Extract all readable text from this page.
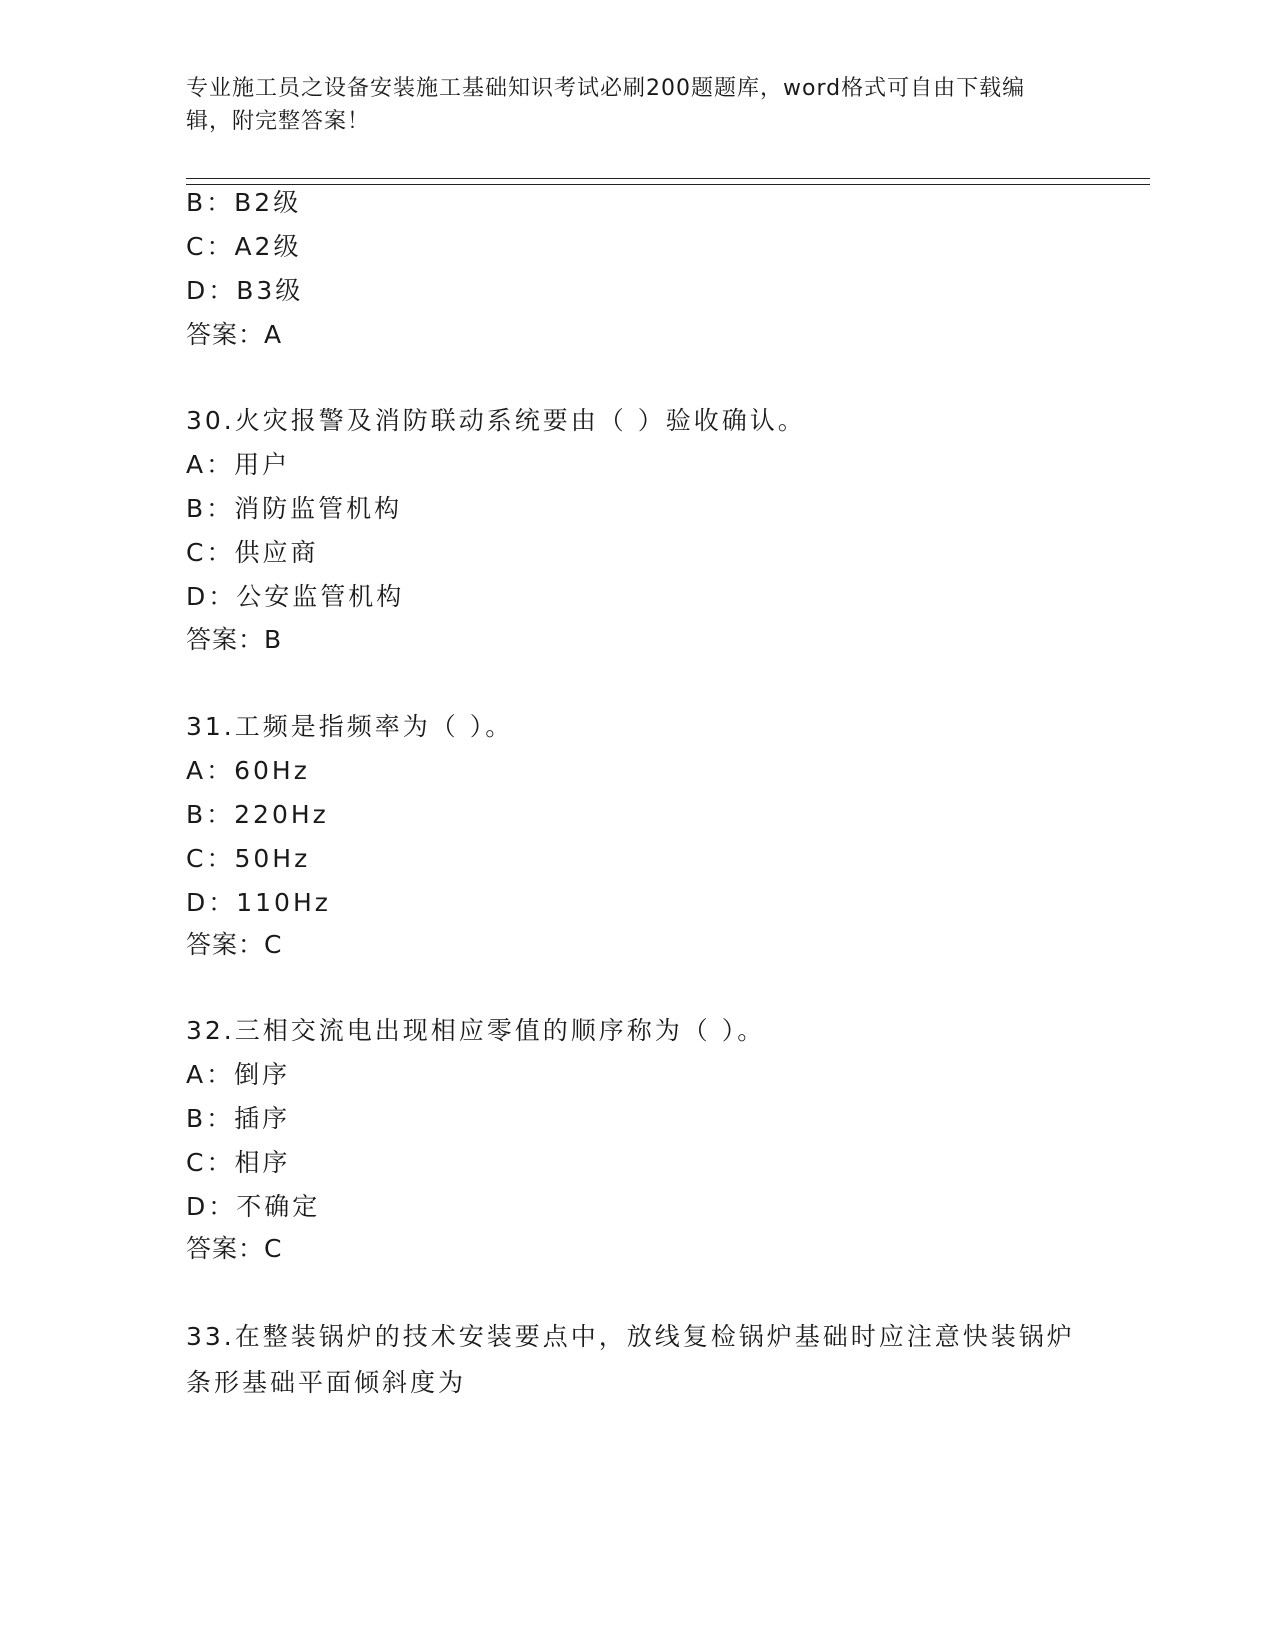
专业施工员之设备安装施工基础知识考试必刷200题题库，word格式可自由下载编辑，附完整答案！
B：B2级
C：A2级
D：B3级
答案：A
30.火灾报警及消防联动系统要由（ ）验收确认。
A：用户
B：消防监管机构
C：供应商
D：公安监管机构
答案：B
31.工频是指频率为（ ）。
A：60Hz
B：220Hz
C：50Hz
D：110Hz
答案：C
32.三相交流电出现相应零值的顺序称为（ ）。
A：倒序
B：插序
C：相序
D：不确定
答案：C
33.在整装锅炉的技术安装要点中，放线复检锅炉基础时应注意快装锅炉条形基础平面倾斜度为
